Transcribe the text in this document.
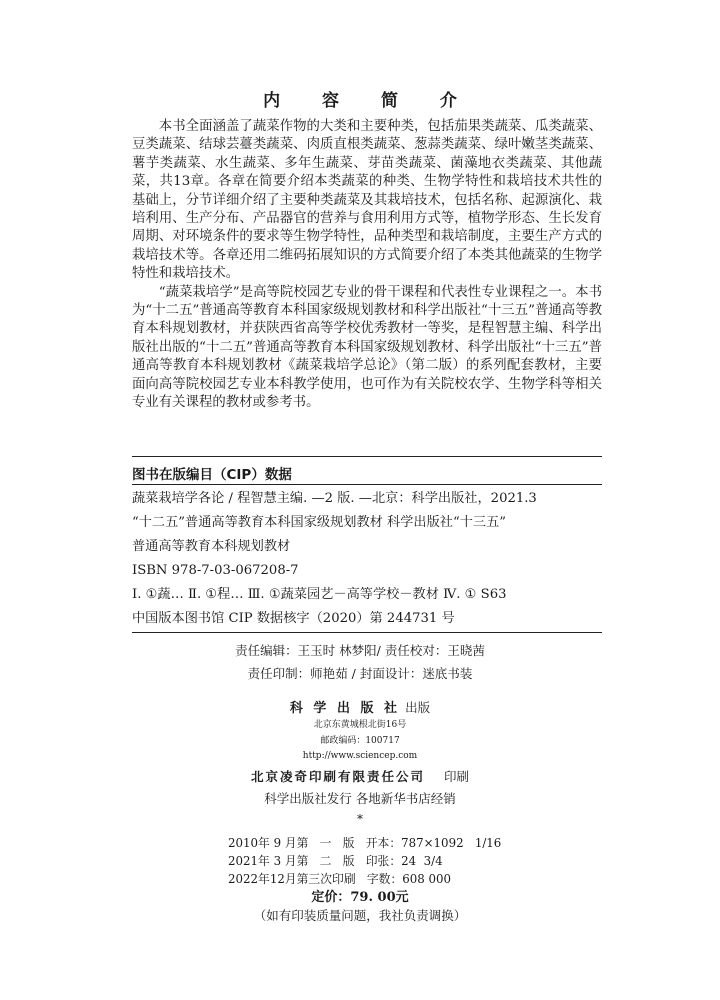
内 容 简 介

本书全面涵盖了蔬菜作物的大类和主要种类，包括茄果类蔬菜、瓜类蔬菜、豆类蔬菜、结球芸薹类蔬菜、肉质直根类蔬菜、葱蒜类蔬菜、绿叶嫩茎类蔬菜、薯芋类蔬菜、水生蔬菜、多年生蔬菜、芽苗类蔬菜、菌藻地衣类蔬菜、其他蔬菜，共13章。各章在简要介绍本类蔬菜的种类、生物学特性和栽培技术共性的基础上，分节详细介绍了主要种类蔬菜及其栽培技术，包括名称、起源演化、栽培利用、生产分布、产品器官的营养与食用利用方式等，植物学形态、生长发育周期、对环境条件的要求等生物学特性，品种类型和栽培制度，主要生产方式的栽培技术等。各章还用二维码拓展知识的方式简要介绍了本类其他蔬菜的生物学特性和栽培技术。

“蔬菜栽培学”是高等院校园艺专业的骨干课程和代表性专业课程之一。本书为“十二五”普通高等教育本科国家级规划教材和科学出版社“十三五”普通高等教育本科规划教材，并获陕西省高等学校优秀教材一等奖，是程智慧主编、科学出版社出版的“十二五”普通高等教育本科国家级规划教材、科学出版社“十三五”普通高等教育本科规划教材《蔬菜栽培学总论》（第二版）的系列配套教材，主要面向高等院校园艺专业本科教学使用，也可作为有关院校农学、生物学科等相关专业有关课程的教材或参考书。

图书在版编目（CIP）数据
蔬菜栽培学各论 / 程智慧主编. —2 版. —北京：科学出版社，2021.3
“十二五”普通高等教育本科国家级规划教材 科学出版社“十三五”
普通高等教育本科规划教材
ISBN 978-7-03-067208-7
Ⅰ. ①蔬… Ⅱ. ①程… Ⅲ. ①蔬菜园艺－高等学校－教材 Ⅳ. ① S63
中国版本图书馆 CIP 数据核字（2020）第 244731 号
责任编辑：王玉时 林梦阳/ 责任校对：王晓茜
责任印制：师艳茹 / 封面设计：迷底书装
科 学 出 版 社 出版
北京东黄城根北街16号
邮政编码：100717
http://www.sciencep.com
北京凌奇印刷有限责任公司 印刷
科学出版社发行 各地新华书店经销
*
2010年 9 月第   一   版   开本：787×1092   1/16
2021年 3 月第   二   版   印张：24  3/4
2022年12月第三次印刷   字数：608 000
定价：79. 00元
（如有印装质量问题，我社负责调换）
